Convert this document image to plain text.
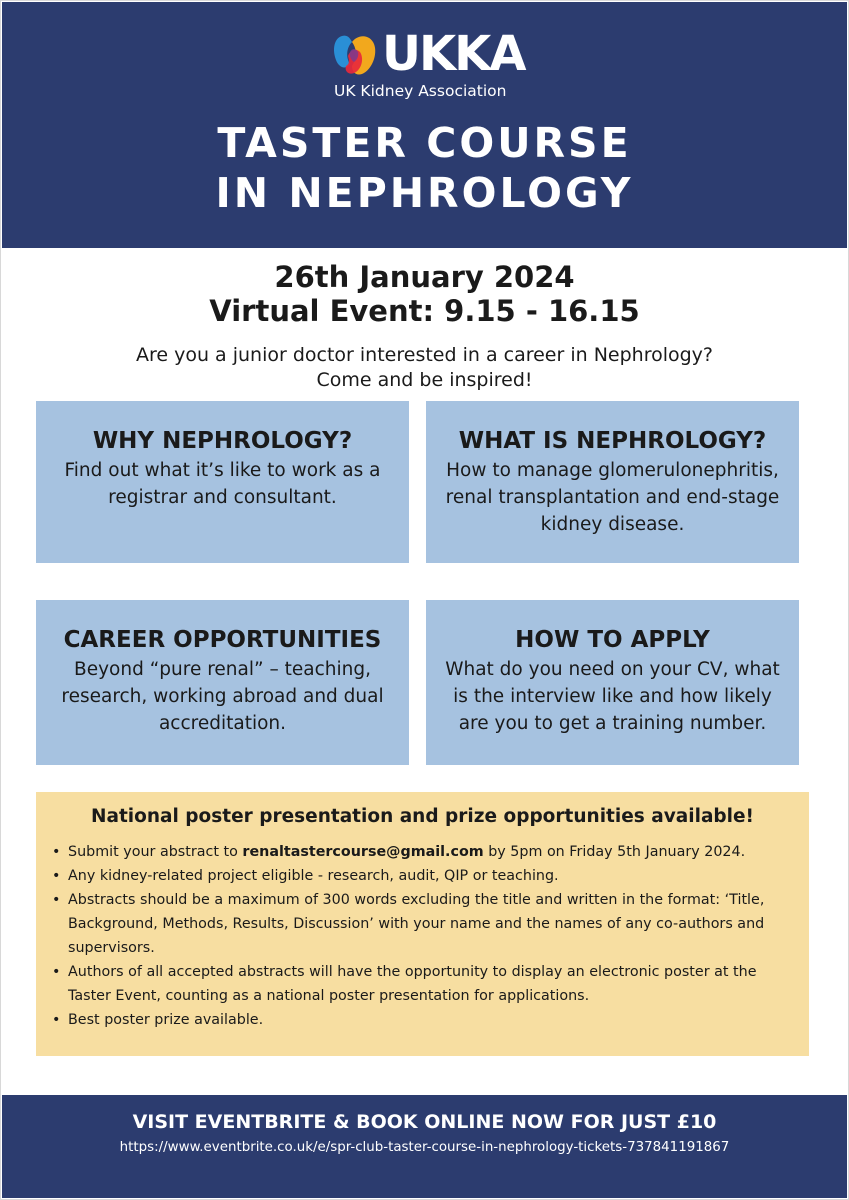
UKKA
UK Kidney Association
TASTER COURSE
IN NEPHROLOGY
26th January 2024
Virtual Event: 9.15 - 16.15
Are you a junior doctor interested in a career in Nephrology?
Come and be inspired!
WHY NEPHROLOGY?

Find out what it’s like to work as a registrar and consultant.

WHAT IS NEPHROLOGY?

How to manage glomerulonephritis, renal transplantation and end-stage kidney disease.

CAREER OPPORTUNITIES

Beyond “pure renal” – teaching, research, working abroad and dual accreditation.

HOW TO APPLY

What do you need on your CV, what is the interview like and how likely are you to get a training number.

National poster presentation and prize opportunities available!
• Submit your abstract to renaltastercourse@gmail.com by 5pm on Friday 5th January 2024.
• Any kidney-related project eligible - research, audit, QIP or teaching.
• Abstracts should be a maximum of 300 words excluding the title and written in the format: ‘Title, Background, Methods, Results, Discussion’ with your name and the names of any co-authors and supervisors.
• Authors of all accepted abstracts will have the opportunity to display an electronic poster at the Taster Event, counting as a national poster presentation for applications.
• Best poster prize available.
VISIT EVENTBRITE & BOOK ONLINE NOW FOR JUST £10
https://www.eventbrite.co.uk/e/spr-club-taster-course-in-nephrology-tickets-737841191867
